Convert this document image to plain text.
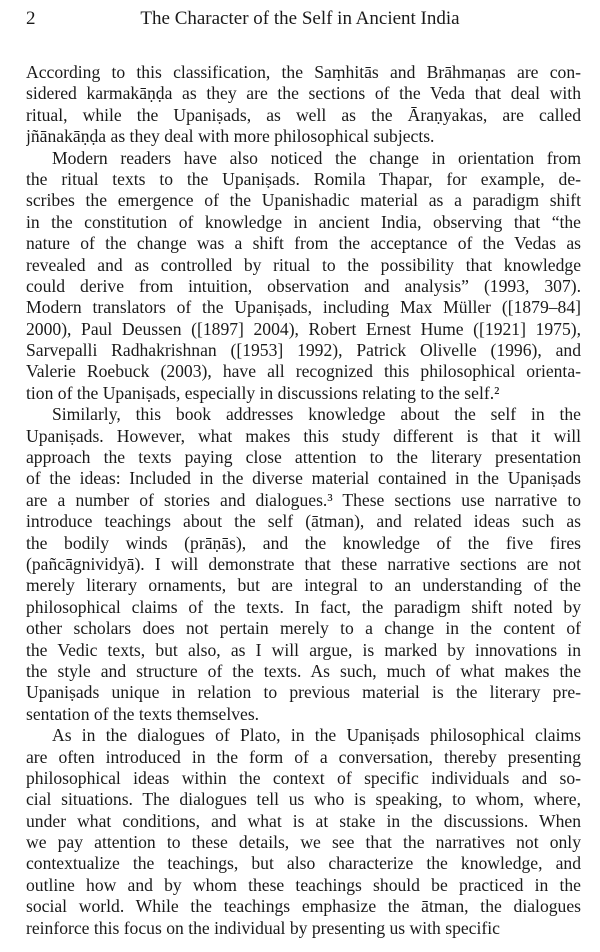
2	The Character of the Self in Ancient India
According to this classification, the Saṃhitās and Brāhmaṇas are con-
sidered karmakāṇḍa as they are the sections of the Veda that deal with
ritual, while the Upaniṣads, as well as the Āraṇyakas, are called
jñānakāṇḍa as they deal with more philosophical subjects.
Modern readers have also noticed the change in orientation from
the ritual texts to the Upaniṣads. Romila Thapar, for example, de-
scribes the emergence of the Upanishadic material as a paradigm shift
in the constitution of knowledge in ancient India, observing that “the
nature of the change was a shift from the acceptance of the Vedas as
revealed and as controlled by ritual to the possibility that knowledge
could derive from intuition, observation and analysis” (1993, 307).
Modern translators of the Upaniṣads, including Max Müller ([1879–84]
2000), Paul Deussen ([1897] 2004), Robert Ernest Hume ([1921] 1975),
Sarvepalli Radhakrishnan ([1953] 1992), Patrick Olivelle (1996), and
Valerie Roebuck (2003), have all recognized this philosophical orienta-
tion of the Upaniṣads, especially in discussions relating to the self.²
Similarly, this book addresses knowledge about the self in the
Upaniṣads. However, what makes this study different is that it will
approach the texts paying close attention to the literary presentation
of the ideas: Included in the diverse material contained in the Upaniṣads
are a number of stories and dialogues.³ These sections use narrative to
introduce teachings about the self (ātman), and related ideas such as
the bodily winds (prāṇās), and the knowledge of the five fires
(pañcāgnividyā). I will demonstrate that these narrative sections are not
merely literary ornaments, but are integral to an understanding of the
philosophical claims of the texts. In fact, the paradigm shift noted by
other scholars does not pertain merely to a change in the content of
the Vedic texts, but also, as I will argue, is marked by innovations in
the style and structure of the texts. As such, much of what makes the
Upaniṣads unique in relation to previous material is the literary pre-
sentation of the texts themselves.
As in the dialogues of Plato, in the Upaniṣads philosophical claims
are often introduced in the form of a conversation, thereby presenting
philosophical ideas within the context of specific individuals and so-
cial situations. The dialogues tell us who is speaking, to whom, where,
under what conditions, and what is at stake in the discussions. When
we pay attention to these details, we see that the narratives not only
contextualize the teachings, but also characterize the knowledge, and
outline how and by whom these teachings should be practiced in the
social world. While the teachings emphasize the ātman, the dialogues
reinforce this focus on the individual by presenting us with specific
